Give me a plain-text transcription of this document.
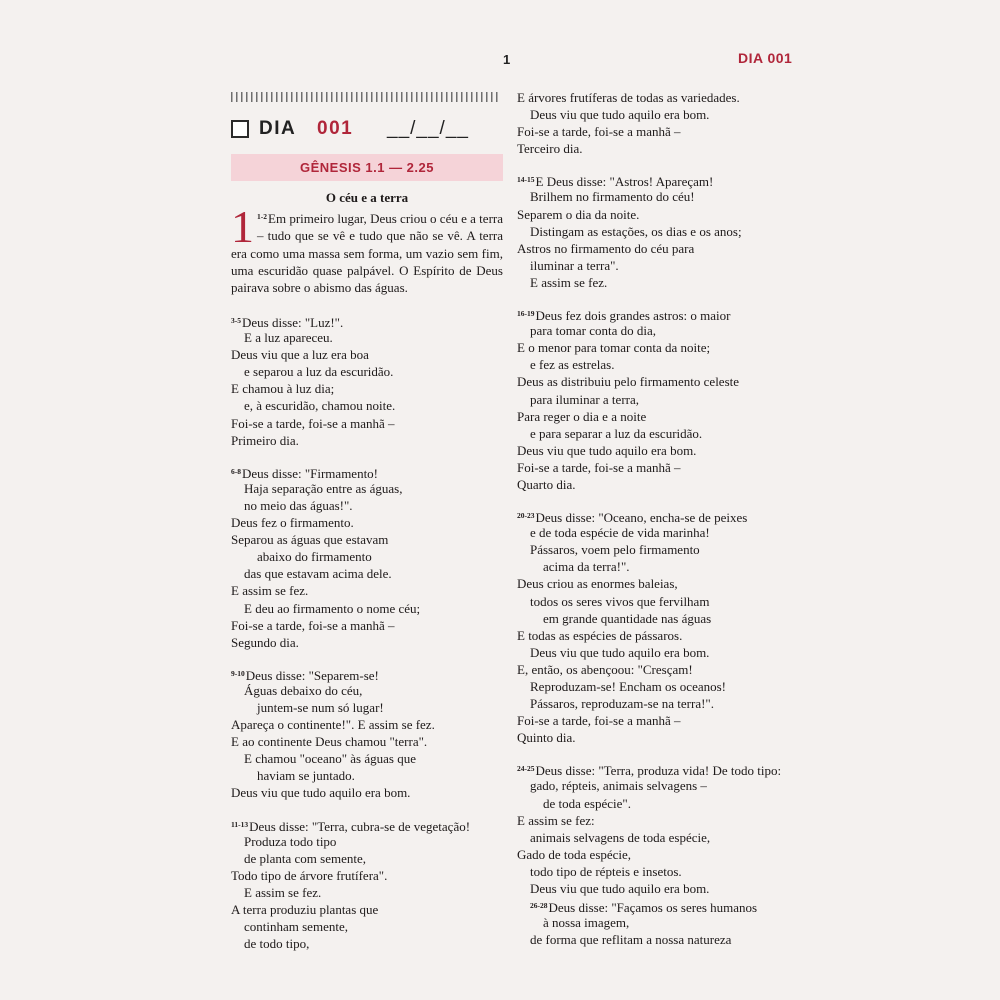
1	DIA 001
DIA 001 __/__/__
GÊNESIS 1.1 — 2.25
O céu e a terra
1 $^{1-2}$Em primeiro lugar, Deus criou o céu e a terra – tudo que se vê e tudo que não se vê. A terra era como uma massa sem forma, um vazio sem fim, uma escuridão quase palpável. O Espírito de Deus pairava sobre o abismo das águas.
$^{3-5}$Deus disse: "Luz!".
E a luz apareceu.
Deus viu que a luz era boa
e separou a luz da escuridão.
E chamou à luz dia;
e, à escuridão, chamou noite.
Foi-se a tarde, foi-se a manhã –
Primeiro dia.
$^{6-8}$Deus disse: "Firmamento!
Haja separação entre as águas,
no meio das águas!".
Deus fez o firmamento.
Separou as águas que estavam
abaixo do firmamento
das que estavam acima dele.
E assim se fez.
E deu ao firmamento o nome céu;
Foi-se a tarde, foi-se a manhã –
Segundo dia.
$^{9-10}$Deus disse: "Separem-se!
Águas debaixo do céu,
juntem-se num só lugar!
Apareça o continente!". E assim se fez.
E ao continente Deus chamou "terra".
E chamou "oceano" às águas que
haviam se juntado.
Deus viu que tudo aquilo era bom.
$^{11-13}$Deus disse: "Terra, cubra-se de vegetação!
Produza todo tipo
de planta com semente,
Todo tipo de árvore frutífera".
E assim se fez.
A terra produziu plantas que
continham semente,
de todo tipo,
E árvores frutíferas de todas as variedades.
Deus viu que tudo aquilo era bom.
Foi-se a tarde, foi-se a manhã –
Terceiro dia.
$^{14-15}$E Deus disse: "Astros! Apareçam!
Brilhem no firmamento do céu!
Separem o dia da noite.
Distingam as estações, os dias e os anos;
Astros no firmamento do céu para
iluminar a terra".
E assim se fez.
$^{16-19}$Deus fez dois grandes astros: o maior
para tomar conta do dia,
E o menor para tomar conta da noite;
e fez as estrelas.
Deus as distribuiu pelo firmamento celeste
para iluminar a terra,
Para reger o dia e a noite
e para separar a luz da escuridão.
Deus viu que tudo aquilo era bom.
Foi-se a tarde, foi-se a manhã –
Quarto dia.
$^{20-23}$Deus disse: "Oceano, encha-se de peixes
e de toda espécie de vida marinha!
Pássaros, voem pelo firmamento
acima da terra!".
Deus criou as enormes baleias,
todos os seres vivos que fervilham
em grande quantidade nas águas
E todas as espécies de pássaros.
Deus viu que tudo aquilo era bom.
E, então, os abençoou: "Cresçam!
Reproduzam-se! Encham os oceanos!
Pássaros, reproduzam-se na terra!".
Foi-se a tarde, foi-se a manhã –
Quinto dia.
$^{24-25}$Deus disse: "Terra, produza vida! De todo tipo:
gado, répteis, animais selvagens –
de toda espécie".
E assim se fez:
animais selvagens de toda espécie,
Gado de toda espécie,
todo tipo de répteis e insetos.
Deus viu que tudo aquilo era bom.
$^{26-28}$Deus disse: "Façamos os seres humanos
à nossa imagem,
de forma que reflitam a nossa natureza
